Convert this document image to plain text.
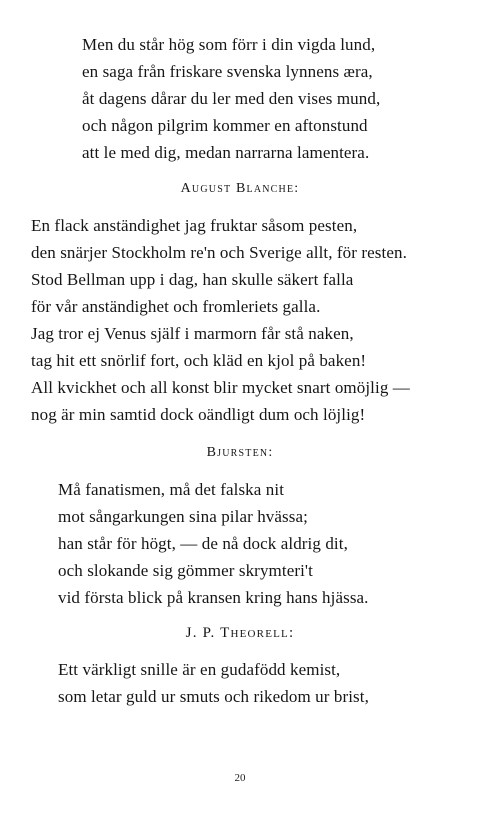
Men du står hög som förr i din vigda lund,
en saga från friskare svenska lynnens æra,
åt dagens dårar du ler med den vises mund,
och någon pilgrim kommer en aftonstund
att le med dig, medan narrarna lamentera.
August Blanche:
En flack anständighet jag fruktar såsom pesten,
den snärjer Stockholm re'n och Sverige allt, för resten.
Stod Bellman upp i dag, han skulle säkert falla
för vår anständighet och fromleriets galla.
Jag tror ej Venus själf i marmorn får stå naken,
tag hit ett snörlif fort, och kläd en kjol på baken!
All kvickhet och all konst blir mycket snart omöjlig —
nog är min samtid dock oändligt dum och löjlig!
Bjursten:
Må fanatismen, må det falska nit
mot sångarkungen sina pilar hvässa;
han står för högt, — de nå dock aldrig dit,
och slokande sig gömmer skrymteri't
vid första blick på kransen kring hans hjässa.
J. P. Theorell:
Ett värkligt snille är en gudafödd kemist,
som letar guld ur smuts och rikedom ur brist,
20
